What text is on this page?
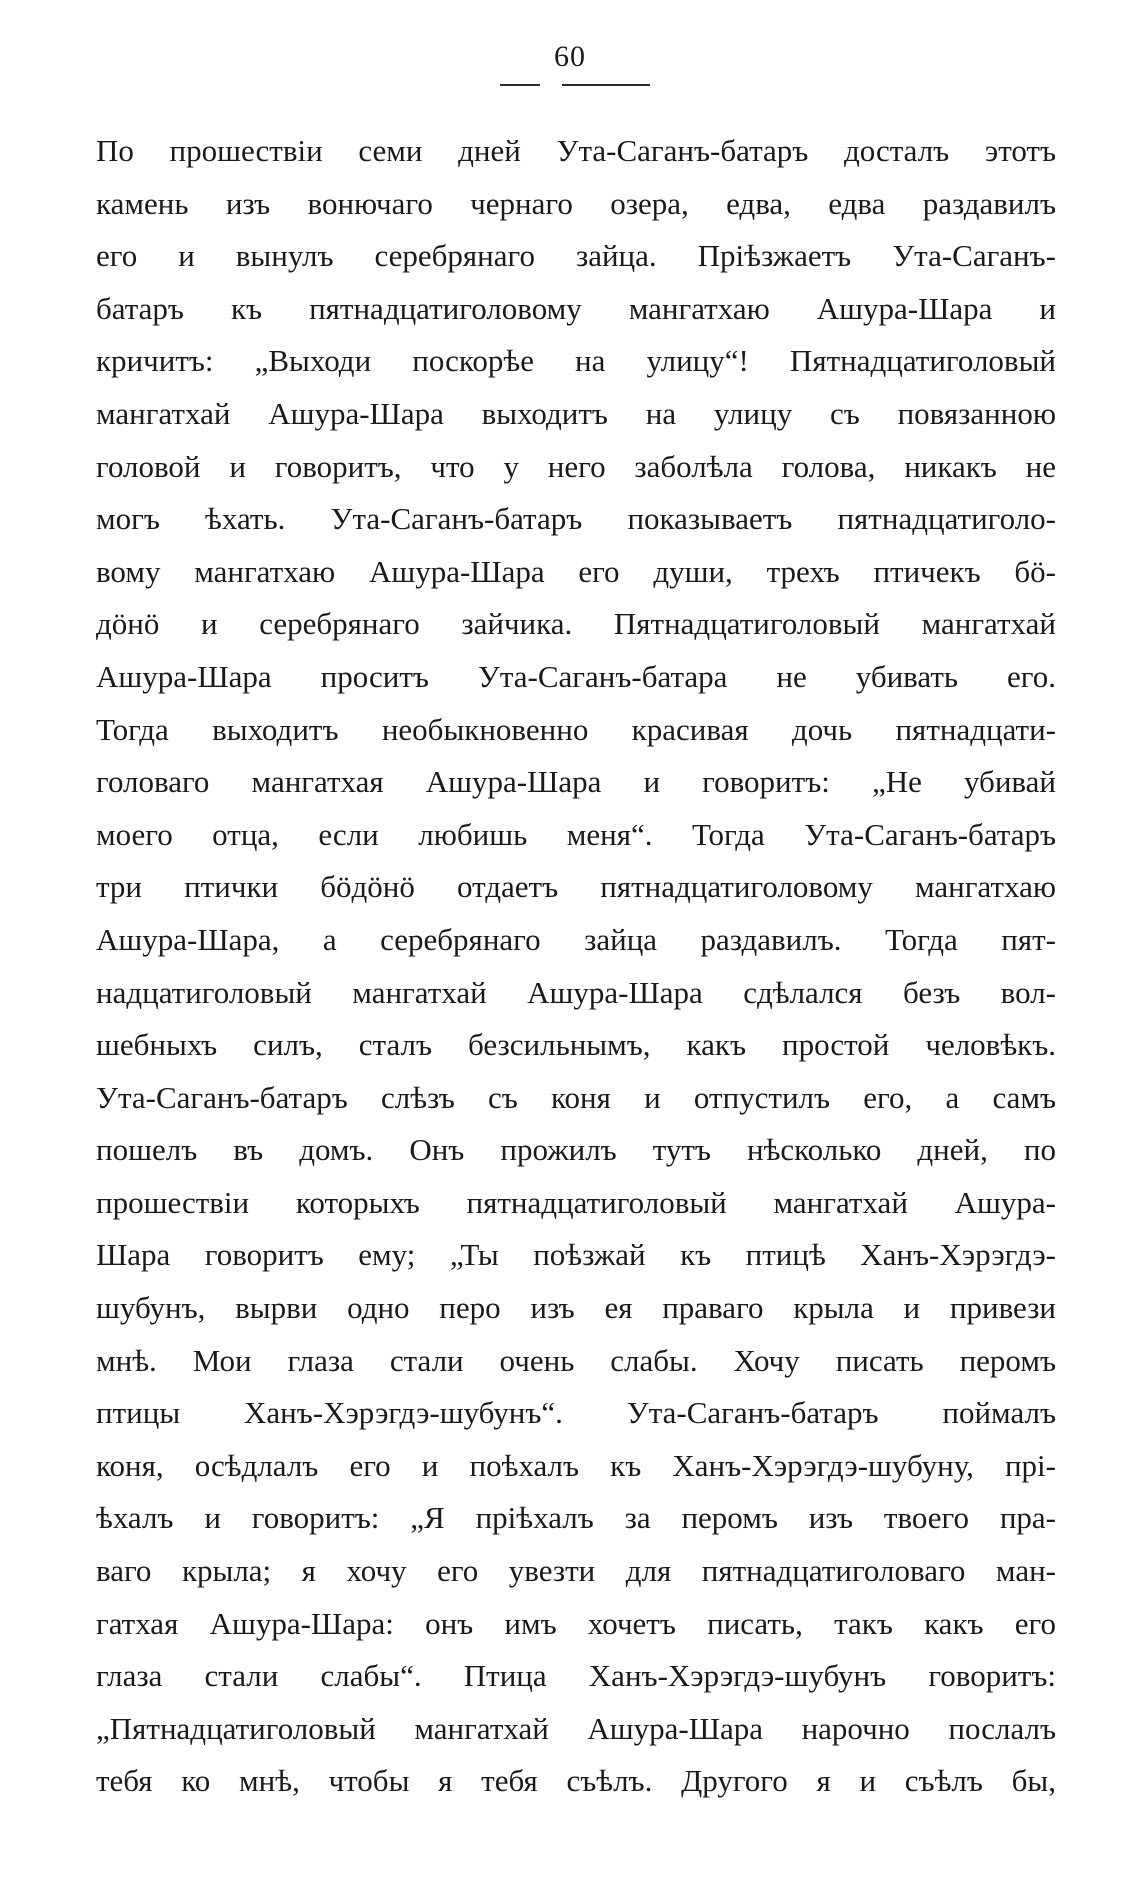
60
По прошествіи семи дней Ута-Саганъ-батаръ досталъ этотъ
камень изъ вонючаго чернаго озера, едва, едва раздавилъ
его и вынулъ серебрянаго зайца. Пріѣзжаетъ Ута-Саганъ-
батаръ къ пятнадцатиголовому мангатхаю Ашура-Шара и
кричитъ: „Выходи поскорѣе на улицу“! Пятнадцатиголовый
мангатхай Ашура-Шара выходитъ на улицу съ повязанною
головой и говоритъ, что у него заболѣла голова, никакъ не
могъ ѣхать. Ута-Саганъ-батаръ показываетъ пятнадцатиголо-
вому мангатхаю Ашура-Шара его души, трехъ птичекъ бö-
дöнö и серебрянаго зайчика. Пятнадцатиголовый мангатхай
Ашура-Шара проситъ Ута-Саганъ-батара не убивать его.
Тогда выходитъ необыкновенно красивая дочь пятнадцати-
головаго мангатхая Ашура-Шара и говоритъ: „Не убивай
моего отца, если любишь меня“. Тогда Ута-Саганъ-батаръ
три птички бöдöнö отдаетъ пятнадцатиголовому мангатхаю
Ашура-Шара, а серебрянаго зайца раздавилъ. Тогда пят-
надцатиголовый мангатхай Ашура-Шара сдѣлался безъ вол-
шебныхъ силъ, сталъ безсильнымъ, какъ простой человѣкъ.
Ута-Саганъ-батаръ слѣзъ съ коня и отпустилъ его, а самъ
пошелъ въ домъ. Онъ прожилъ тутъ нѣсколько дней, по
прошествіи которыхъ пятнадцатиголовый мангатхай Ашура-
Шара говоритъ ему; „Ты поѣзжай къ птицѣ Ханъ-Хэрэгдэ-
шубунъ, вырви одно перо изъ ея праваго крыла и привези
мнѣ. Мои глаза стали очень слабы. Хочу писать перомъ
птицы Ханъ-Хэрэгдэ-шубунъ“. Ута-Саганъ-батаръ поймалъ
коня, осѣдлалъ его и поѣхалъ къ Ханъ-Хэрэгдэ-шубуну, прі-
ѣхалъ и говоритъ: „Я пріѣхалъ за перомъ изъ твоего пра-
ваго крыла; я хочу его увезти для пятнадцатиголоваго ман-
гатхая Ашура-Шара: онъ имъ хочетъ писать, такъ какъ его
глаза стали слабы“. Птица Ханъ-Хэрэгдэ-шубунъ говоритъ:
„Пятнадцатиголовый мангатхай Ашура-Шара нарочно послалъ
тебя ко мнѣ, чтобы я тебя съѣлъ. Другого я и съѣлъ бы,
